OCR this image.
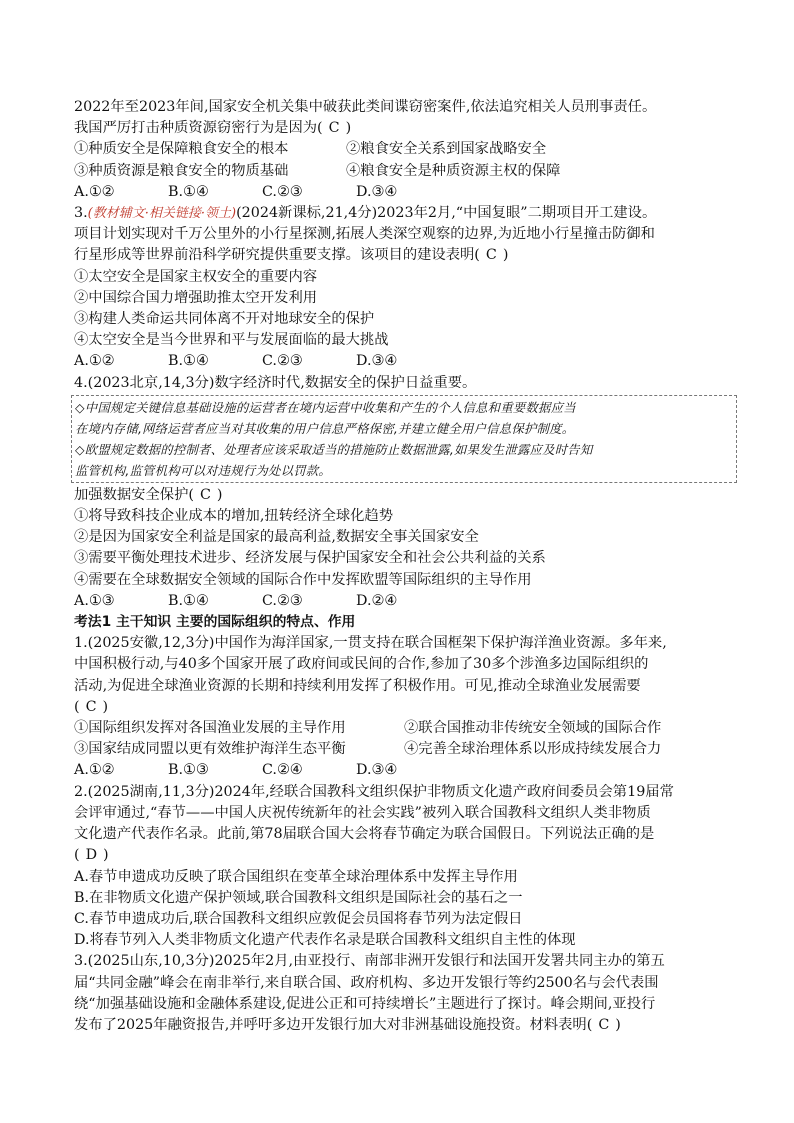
2022年至2023年间,国家安全机关集中破获此类间谍窃密案件,依法追究相关人员刑事责任。
我国严厉打击种质资源窃密行为是因为( C )
①种质安全是保障粮食安全的根本	②粮食安全关系到国家战略安全
③种质资源是粮食安全的物质基础	④粮食安全是种质资源主权的保障
A.①②	B.①④	C.②③	D.③④
3.(教材辅文·相关链接·领土)(2024新课标,21,4分)2023年2月,“中国复眼”二期项目开工建设。
项目计划实现对千万公里外的小行星探测,拓展人类深空观察的边界,为近地小行星撞击防御和
行星形成等世界前沿科学研究提供重要支撑。该项目的建设表明( C )
①太空安全是国家主权安全的重要内容
②中国综合国力增强助推太空开发利用
③构建人类命运共同体离不开对地球安全的保护
④太空安全是当今世界和平与发展面临的最大挑战
A.①②	B.①④	C.②③	D.③④
4.(2023北京,14,3分)数字经济时代,数据安全的保护日益重要。
◇中国规定关键信息基础设施的运营者在境内运营中收集和产生的个人信息和重要数据应当
在境内存储,网络运营者应当对其收集的用户信息严格保密,并建立健全用户信息保护制度。
◇欧盟规定数据的控制者、处理者应该采取适当的措施防止数据泄露,如果发生泄露应及时告知
监管机构,监管机构可以对违规行为处以罚款。
加强数据安全保护( C )
①将导致科技企业成本的增加,扭转经济全球化趋势
②是因为国家安全利益是国家的最高利益,数据安全事关国家安全
③需要平衡处理技术进步、经济发展与保护国家安全和社会公共利益的关系
④需要在全球数据安全领域的国际合作中发挥欧盟等国际组织的主导作用
A.①③	B.①④	C.②③	D.②④
考法1 主干知识 主要的国际组织的特点、作用
1.(2025安徽,12,3分)中国作为海洋国家,一贯支持在联合国框架下保护海洋渔业资源。多年来,
中国积极行动,与40多个国家开展了政府间或民间的合作,参加了30多个涉渔多边国际组织的
活动,为促进全球渔业资源的长期和持续利用发挥了积极作用。可见,推动全球渔业发展需要
( C )
①国际组织发挥对各国渔业发展的主导作用	②联合国推动非传统安全领域的国际合作
③国家结成同盟以更有效维护海洋生态平衡	④完善全球治理体系以形成持续发展合力
A.①②	B.①③	C.②④	D.③④
2.(2025湖南,11,3分)2024年,经联合国教科文组织保护非物质文化遗产政府间委员会第19届常
会评审通过,“春节——中国人庆祝传统新年的社会实践”被列入联合国教科文组织人类非物质
文化遗产代表作名录。此前,第78届联合国大会将春节确定为联合国假日。下列说法正确的是
( D )
A.春节申遗成功反映了联合国组织在变革全球治理体系中发挥主导作用
B.在非物质文化遗产保护领域,联合国教科文组织是国际社会的基石之一
C.春节申遗成功后,联合国教科文组织应敦促会员国将春节列为法定假日
D.将春节列入人类非物质文化遗产代表作名录是联合国教科文组织自主性的体现
3.(2025山东,10,3分)2025年2月,由亚投行、南部非洲开发银行和法国开发署共同主办的第五
届“共同金融”峰会在南非举行,来自联合国、政府机构、多边开发银行等约2500名与会代表围
绕“加强基础设施和金融体系建设,促进公正和可持续增长”主题进行了探讨。峰会期间,亚投行
发布了2025年融资报告,并呼吁多边开发银行加大对非洲基础设施投资。材料表明( C )
